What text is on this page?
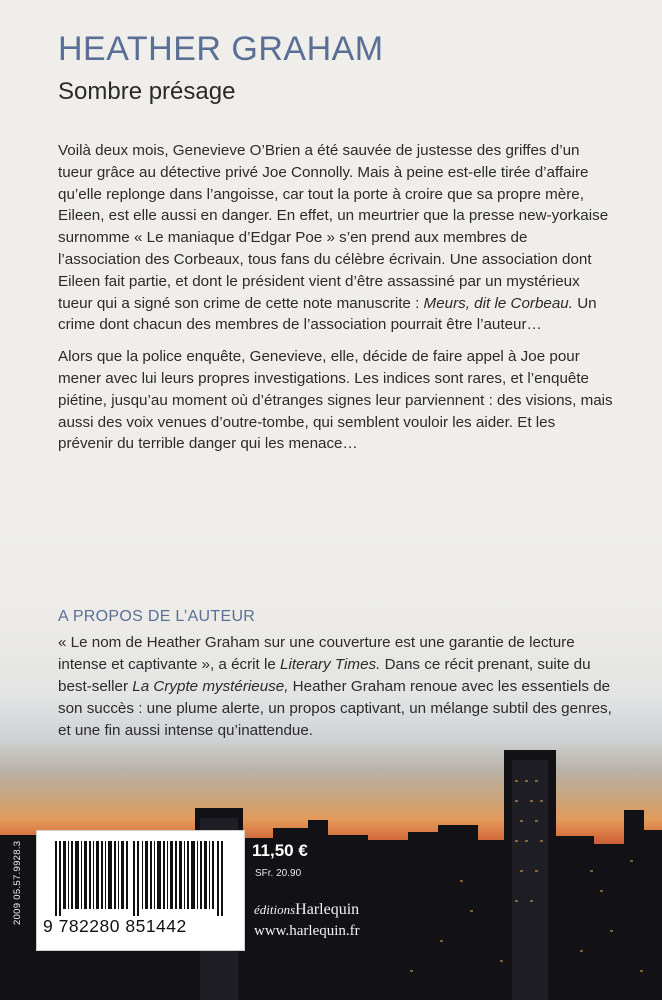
HEATHER GRAHAM
Sombre présage

Voilà deux mois, Genevieve O’Brien a été sauvée de justesse des griffes d’un tueur grâce au détective privé Joe Connolly. Mais à peine est-elle tirée d’affaire qu’elle replonge dans l’angoisse, car tout la porte à croire que sa propre mère, Eileen, est elle aussi en danger. En effet, un meurtrier que la presse new-yorkaise surnomme « Le maniaque d’Edgar Poe » s’en prend aux membres de l’association des Corbeaux, tous fans du célèbre écrivain. Une association dont Eileen fait partie, et dont le président vient d’être assassiné par un mystérieux tueur qui a signé son crime de cette note manuscrite : Meurs, dit le Corbeau. Un crime dont chacun des membres de l’association pourrait être l’auteur…

Alors que la police enquête, Genevieve, elle, décide de faire appel à Joe pour mener avec lui leurs propres investigations. Les indices sont rares, et l’enquête piétine, jusqu’au moment où d’étranges signes leur parviennent : des visions, mais aussi des voix venues d’outre-tombe, qui semblent vouloir les aider. Et les prévenir du terrible danger qui les menace…

A PROPOS DE L’AUTEUR

« Le nom de Heather Graham sur une couverture est une garantie de lecture intense et captivante », a écrit le Literary Times. Dans ce récit prenant, suite du best-seller La Crypte mystérieuse, Heather Graham renoue avec les essentiels de son succès : une plume alerte, un propos captivant, un mélange subtil des genres, et une fin aussi intense qu’inattendue.

2009 05.57.9928.3
9 782280 851442
11,50 €
SFr. 20.90
éditionsHarlequin
www.harlequin.fr
